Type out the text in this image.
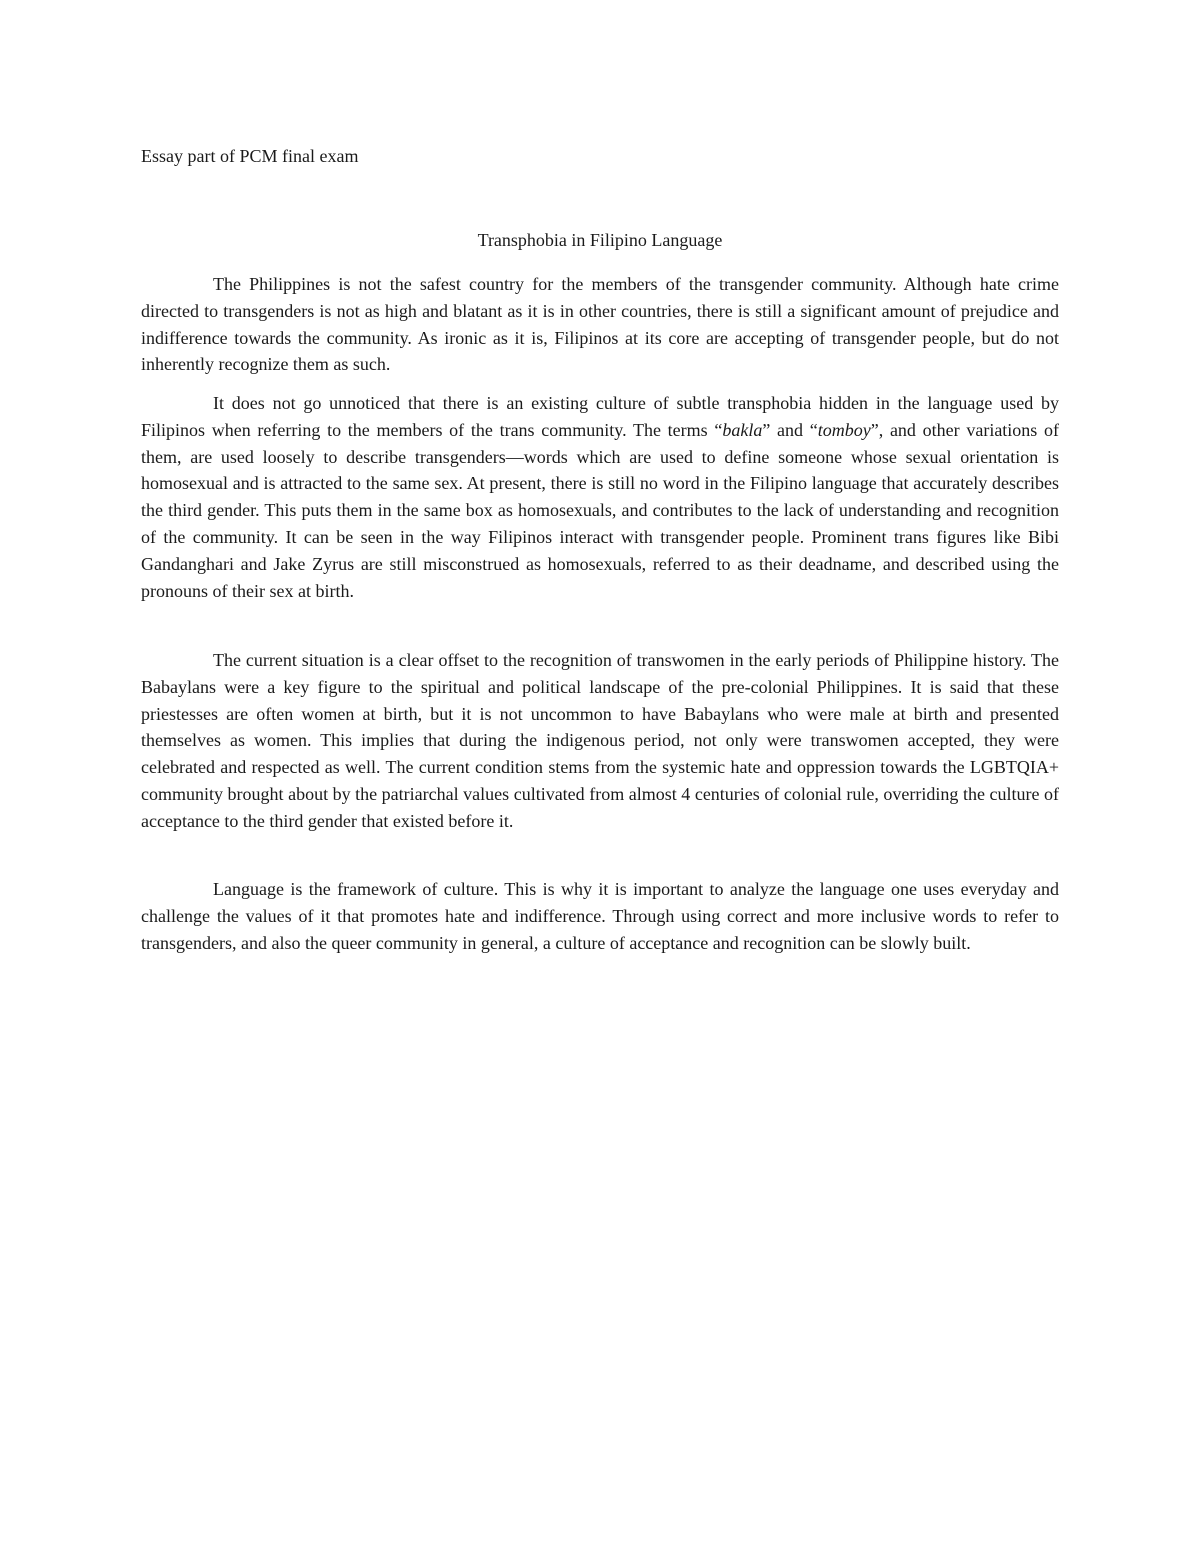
Essay part of PCM final exam

Transphobia in Filipino Language

The Philippines is not the safest country for the members of the transgender community. Although hate crime directed to transgenders is not as high and blatant as it is in other countries, there is still a significant amount of prejudice and indifference towards the community. As ironic as it is, Filipinos at its core are accepting of transgender people, but do not inherently recognize them as such.

It does not go unnoticed that there is an existing culture of subtle transphobia hidden in the language used by Filipinos when referring to the members of the trans community. The terms “bakla” and “tomboy”, and other variations of them, are used loosely to describe transgenders—words which are used to define someone whose sexual orientation is homosexual and is attracted to the same sex. At present, there is still no word in the Filipino language that accurately describes the third gender. This puts them in the same box as homosexuals, and contributes to the lack of understanding and recognition of the community. It can be seen in the way Filipinos interact with transgender people. Prominent trans figures like Bibi Gandanghari and Jake Zyrus are still misconstrued as homosexuals, referred to as their deadname, and described using the pronouns of their sex at birth.

The current situation is a clear offset to the recognition of transwomen in the early periods of Philippine history. The Babaylans were a key figure to the spiritual and political landscape of the pre-colonial Philippines. It is said that these priestesses are often women at birth, but it is not uncommon to have Babaylans who were male at birth and presented themselves as women. This implies that during the indigenous period, not only were transwomen accepted, they were celebrated and respected as well. The current condition stems from the systemic hate and oppression towards the LGBTQIA+ community brought about by the patriarchal values cultivated from almost 4 centuries of colonial rule, overriding the culture of acceptance to the third gender that existed before it.

Language is the framework of culture. This is why it is important to analyze the language one uses everyday and challenge the values of it that promotes hate and indifference. Through using correct and more inclusive words to refer to transgenders, and also the queer community in general, a culture of acceptance and recognition can be slowly built.
